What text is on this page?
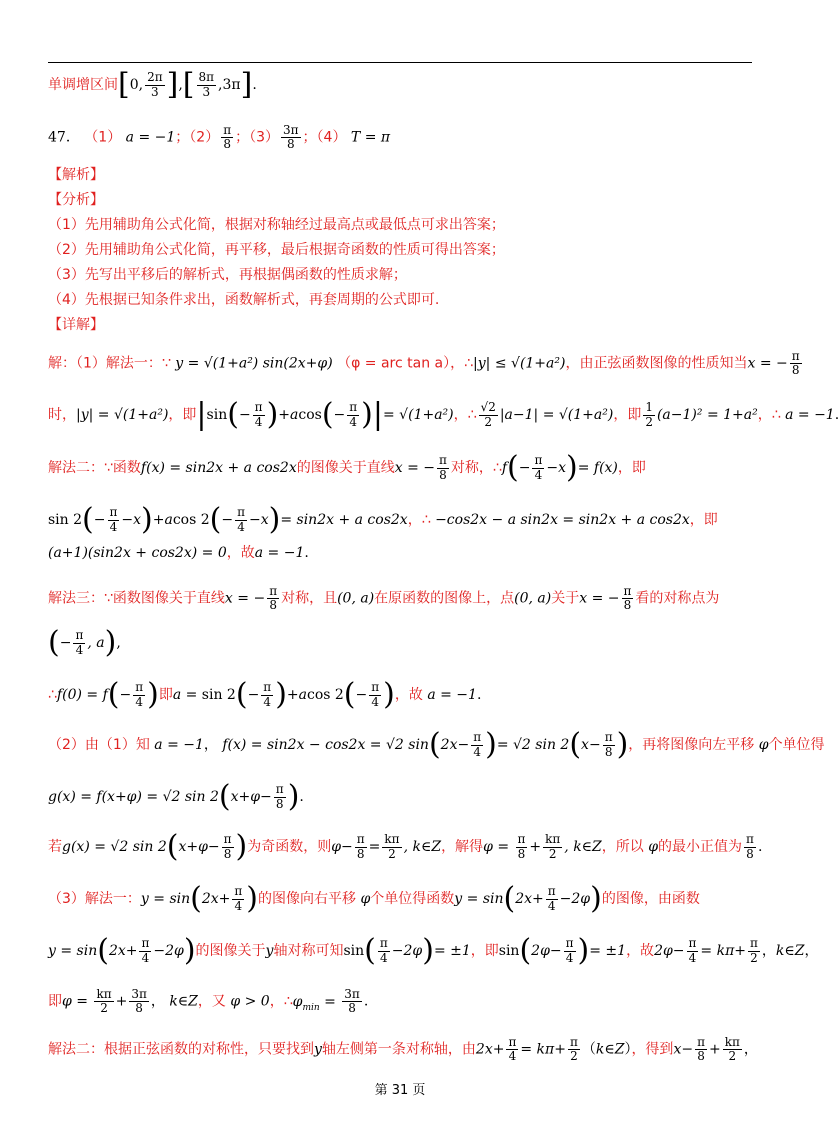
单调增区间[0, $\frac{2\pi}{3}$ ],[ $\frac{8\pi}{3} ,3\pi$].
47． （1） a = −1；$(2) \frac{\pi}{8}$ ；$(3) \frac{3\pi}{8}$ ；（4） T = π
【解析】
【分析】
（1）先用辅助角公式化简，根据对称轴经过最高点或最低点可求出答案；
（2）先用辅助角公式化简，再平移，最后根据奇函数的性质可得出答案；
（3）先写出平移后的解析式，再根据偶函数的性质求解；
（4）先根据已知条件求出，函数解析式，再套周期的公式即可.
【详解】
解：（1）解法一：∵ y = √(1+a²) sin(2x+φ) （φ = arc tan a），∴|y| ≤ √(1+a²)，由正弦函数图像的性质知当x = − $\frac{\pi}{8}$
时，|y| = √(1+a²)，即$|\sin(- \frac{\pi}{4} )+acos(- \frac{\pi}{4}$ )|= √(1+a²)，∴ $\frac{√2}{2} |a-1| = √(1+a^2)$，即 $\frac{1}{2} (a-1)^2 = 1+a^2$，∴ a = −1.
解法二：∵函数f(x) = sin2x + a cos2x的图像关于直线x = − $\frac{\pi}{8}$ 对称，∴f(− $\frac{\pi}{4} -x)= f(x)$，即
$\sin 2(- \frac{\pi}{4} -x)+acos$ $2(- \frac{\pi}{4} -x)= \sin 2x + a$ cos2x，∴ −cos2x − a sin2x = sin2x + a cos2x，即
(a+1)(sin2x + cos2x) = 0，故a = −1.
解法三：∵函数图像关于直线x = − $\frac{\pi}{8}$ 对称，且(0, a)在原函数的图像上，点(0, a)关于x = − $\frac{\pi}{8}$ 看的对称点为
(− $\frac{\pi}{4}$ , a),
∴f(0) = $f(- \frac{\pi}{4}$ )即$a = \sin 2(- \frac{\pi}{4} )+acos$ $2(- \frac{\pi}{4}$ )，故 a = −1.
（2）由（1）知 a = −1， f(x) = sin2x − cos2x = √2 $\sin(2x- \frac{\pi}{4}$ )= √2 $\sin 2(x- \frac{\pi}{8}$ )，再将图像向左平移 φ个单位得
g(x) = f(x+φ) = √2 $\sin 2(x+\varphi- \frac{\pi}{8}$ ).
若g(x) = √2 $\sin 2(x+\varphi- \frac{\pi}{8}$ )为奇函数，则$\varphi- \frac{\pi}{8} = \frac{k\pi}{2}$ , k∈Z，解得$\varphi = \frac{\pi}{8} + \frac{k\pi}{2}$ , k∈Z，所以 φ的最小正值为 $\frac{\pi}{8}$ .
（3）解法一：$y = \sin(2x+ \frac{\pi}{4}$ )的图像向右平移 φ个单位得函数$y = \sin(2x+ \frac{\pi}{4} -2\varphi)$的图像，由函数
$y = \sin(2x+ \frac{\pi}{4} -2\varphi)$的图像关于y轴对称可知$\sin( \frac{\pi}{4} -2\varphi)= \pm 1$，即$\sin(2\varphi- \frac{\pi}{4}$ )= ±1，故$2\varphi- \frac{\pi}{4} = k\pi+ \frac{\pi}{2}$ ，k∈Z，
即$\varphi = \frac{k\pi}{2} + \frac{3\pi}{8}$ ， k∈Z，又 φ > 0，$\therefore\varphi_{min} = \frac{3\pi}{8}$ .
解法二：根据正弦函数的对称性，只要找到y轴左侧第一条对称轴，由$2x+ \frac{\pi}{4} = k\pi+ \frac{\pi}{2}$ （k∈Z），得到$x- \frac{\pi}{8} + \frac{k\pi}{2}$ ，
第 31 页
